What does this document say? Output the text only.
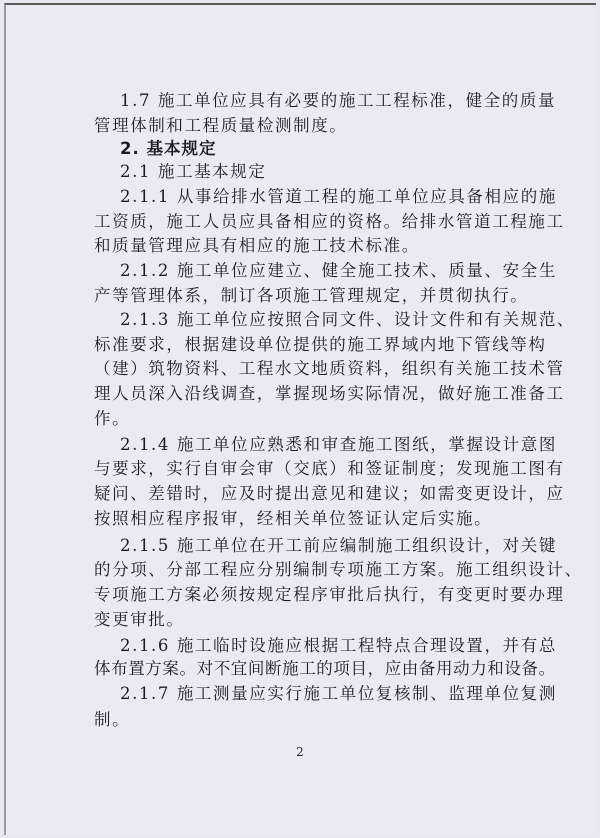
1.7 施工单位应具有必要的施工工程标准，健全的质量
管理体制和工程质量检测制度。
2. 基本规定
2.1 施工基本规定
2.1.1 从事给排水管道工程的施工单位应具备相应的施
工资质，施工人员应具备相应的资格。给排水管道工程施工
和质量管理应具有相应的施工技术标准。
2.1.2 施工单位应建立、健全施工技术、质量、安全生
产等管理体系，制订各项施工管理规定，并贯彻执行。
2.1.3 施工单位应按照合同文件、设计文件和有关规范、
标准要求，根据建设单位提供的施工界域内地下管线等构
（建）筑物资料、工程水文地质资料，组织有关施工技术管
理人员深入沿线调查，掌握现场实际情况，做好施工准备工
作。
2.1.4 施工单位应熟悉和审查施工图纸，掌握设计意图
与要求，实行自审会审（交底）和签证制度；发现施工图有
疑问、差错时，应及时提出意见和建议；如需变更设计，应
按照相应程序报审，经相关单位签证认定后实施。
2.1.5 施工单位在开工前应编制施工组织设计，对关键
的分项、分部工程应分别编制专项施工方案。施工组织设计、
专项施工方案必须按规定程序审批后执行，有变更时要办理
变更审批。
2.1.6 施工临时设施应根据工程特点合理设置，并有总
体布置方案。对不宜间断施工的项目，应由备用动力和设备。
2.1.7 施工测量应实行施工单位复核制、监理单位复测
制。
2
